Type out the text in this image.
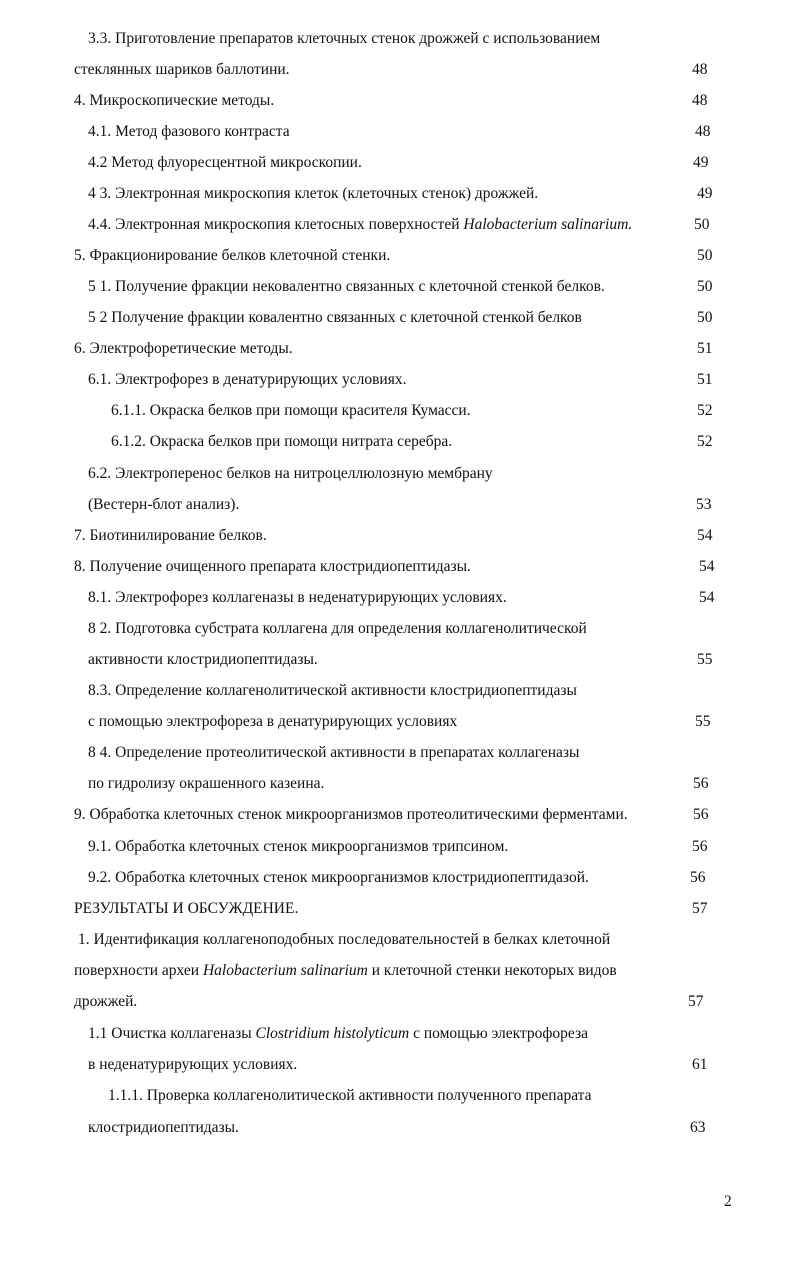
3.3. Приготовление препаратов клеточных стенок дрожжей с использованием
стеклянных шариков баллотини.	48
4. Микроскопические методы.	48
4.1. Метод фазового контраста	48
4.2 Метод флуоресцентной микроскопии.	49
4 3. Электронная микроскопия клеток (клеточных стенок) дрожжей.	49
4.4. Электронная микроскопия клетосных поверхностей Halobacterium salinarium.	50
5. Фракционирование белков клеточной стенки.	50
5 1. Получение фракции нековалентно связанных с клеточной стенкой белков.	50
5 2 Получение фракции ковалентно связанных с клеточной стенкой белков	50
6. Электрофоретические методы.	51
6.1. Электрофорез в денатурирующих условиях.	51
6.1.1. Окраска белков при помощи красителя Кумасси.	52
6.1.2. Окраска белков при помощи нитрата серебра.	52
6.2. Электроперенос белков на нитроцеллюлозную мембрану
(Вестерн-блот анализ).	53
7. Биотинилирование белков.	54
8. Получение очищенного препарата клостридиопептидазы.	54
8.1. Электрофорез коллагеназы в неденатурирующих условиях.	54
8 2. Подготовка субстрата коллагена для определения коллагенолитической
активности клостридиопептидазы.	55
8.3. Определение коллагенолитической активности клостридиопептидазы
с помощью электрофореза в денатурирующих условиях	55
8 4. Определение протеолитической активности в препаратах коллагеназы
по гидролизу окрашенного казеина.	56
9. Обработка клеточных стенок микроорганизмов протеолитическими ферментами.	56
9.1. Обработка клеточных стенок микроорганизмов трипсином.	56
9.2. Обработка клеточных стенок микроорганизмов клостридиопептидазой.	56
РЕЗУЛЬТАТЫ И ОБСУЖДЕНИЕ.	57
1. Идентификация коллагеноподобных последовательностей в белках клеточной
поверхности археи Halobacterium salinarium и клеточной стенки некоторых видов
дрожжей.	57
1.1 Очистка коллагеназы Clostridium histolyticum с помощью электрофореза
в неденатурирующих условиях.	61
1.1.1. Проверка коллагенолитической активности полученного препарата
клостридиопептидазы.	63
2
